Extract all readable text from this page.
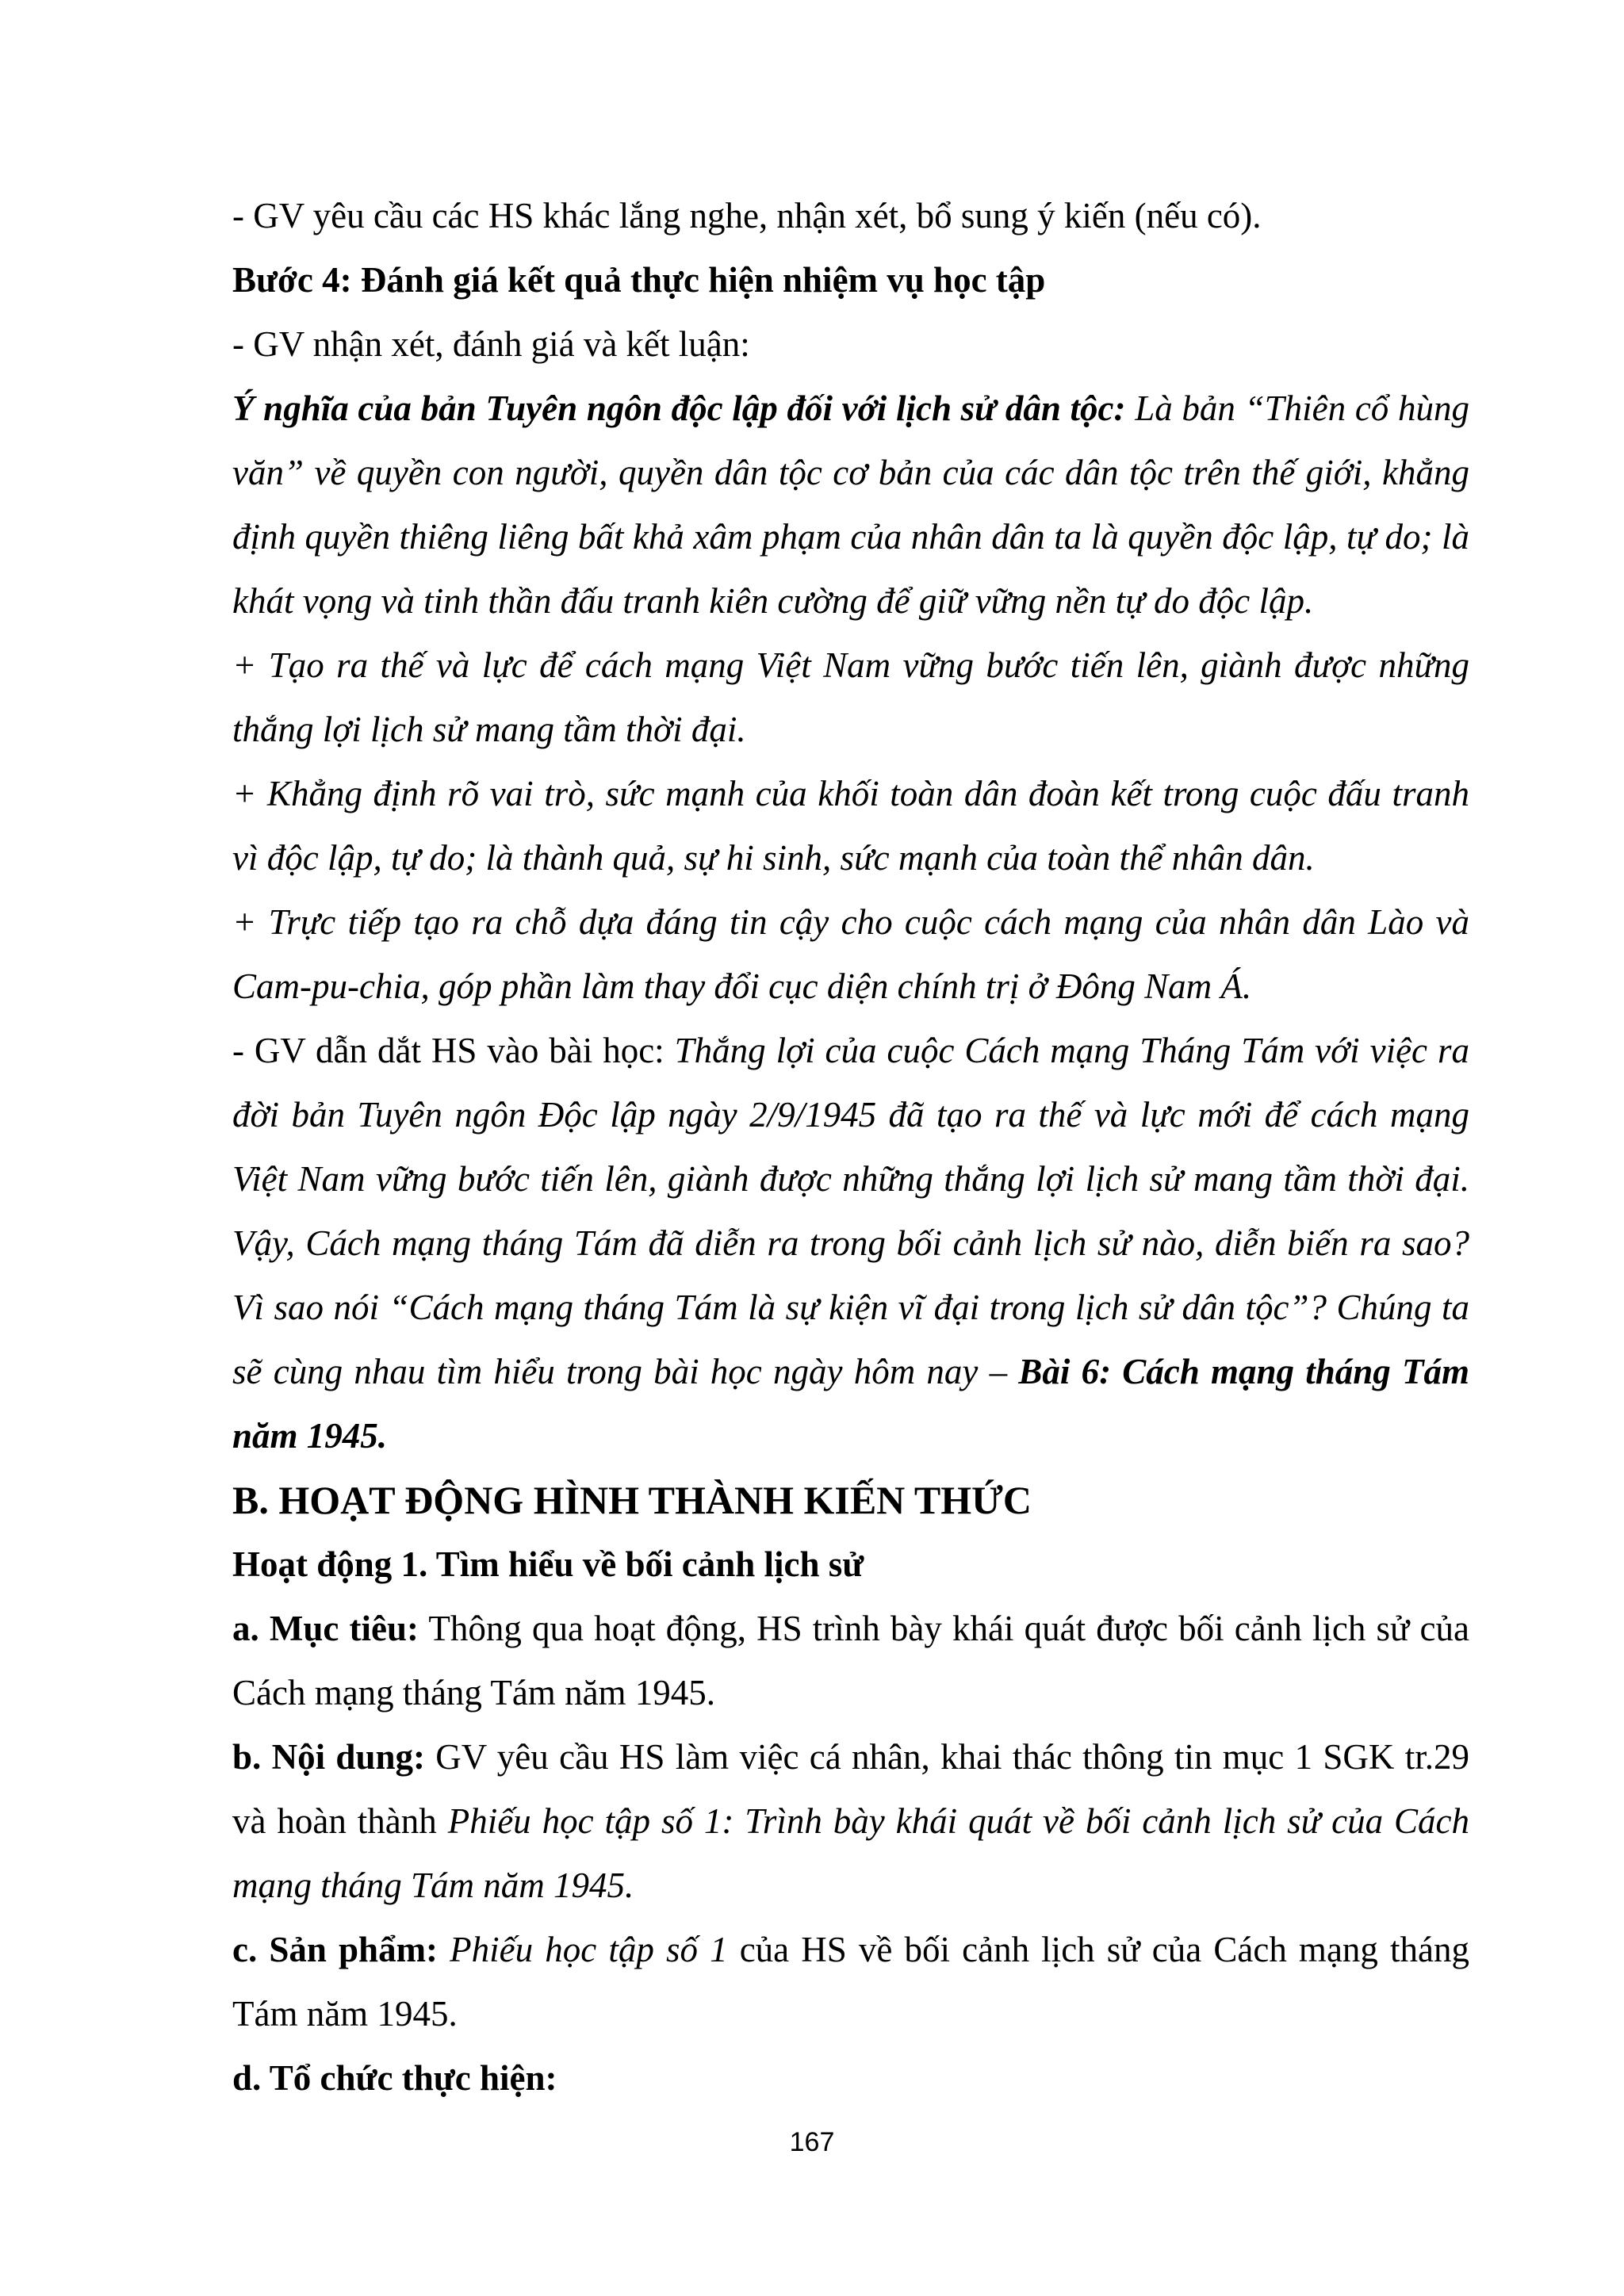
- GV yêu cầu các HS khác lắng nghe, nhận xét, bổ sung ý kiến (nếu có).

Bước 4: Đánh giá kết quả thực hiện nhiệm vụ học tập

- GV nhận xét, đánh giá và kết luận:

Ý nghĩa của bản Tuyên ngôn độc lập đối với lịch sử dân tộc: Là bản “Thiên cổ hùng văn” về quyền con người, quyền dân tộc cơ bản của các dân tộc trên thế giới, khẳng định quyền thiêng liêng bất khả xâm phạm của nhân dân ta là quyền độc lập, tự do; là khát vọng và tinh thần đấu tranh kiên cường để giữ vững nền tự do độc lập.

+ Tạo ra thế và lực để cách mạng Việt Nam vững bước tiến lên, giành được những thắng lợi lịch sử mang tầm thời đại.

+ Khẳng định rõ vai trò, sức mạnh của khối toàn dân đoàn kết trong cuộc đấu tranh vì độc lập, tự do; là thành quả, sự hi sinh, sức mạnh của toàn thể nhân dân.

+ Trực tiếp tạo ra chỗ dựa đáng tin cậy cho cuộc cách mạng của nhân dân Lào và Cam-pu-chia, góp phần làm thay đổi cục diện chính trị ở Đông Nam Á.

- GV dẫn dắt HS vào bài học: Thắng lợi của cuộc Cách mạng Tháng Tám với việc ra đời bản Tuyên ngôn Độc lập ngày 2/9/1945 đã tạo ra thế và lực mới để cách mạng Việt Nam vững bước tiến lên, giành được những thắng lợi lịch sử mang tầm thời đại. Vậy, Cách mạng tháng Tám đã diễn ra trong bối cảnh lịch sử nào, diễn biến ra sao? Vì sao nói “Cách mạng tháng Tám là sự kiện vĩ đại trong lịch sử dân tộc”? Chúng ta sẽ cùng nhau tìm hiểu trong bài học ngày hôm nay – Bài 6: Cách mạng tháng Tám năm 1945.

B. HOẠT ĐỘNG HÌNH THÀNH KIẾN THỨC

Hoạt động 1. Tìm hiểu về bối cảnh lịch sử

a. Mục tiêu: Thông qua hoạt động, HS trình bày khái quát được bối cảnh lịch sử của Cách mạng tháng Tám năm 1945.

b. Nội dung: GV yêu cầu HS làm việc cá nhân, khai thác thông tin mục 1 SGK tr.29 và hoàn thành Phiếu học tập số 1: Trình bày khái quát về bối cảnh lịch sử của Cách mạng tháng Tám năm 1945.

c. Sản phẩm: Phiếu học tập số 1 của HS về bối cảnh lịch sử của Cách mạng tháng Tám năm 1945.

d. Tổ chức thực hiện:

167
